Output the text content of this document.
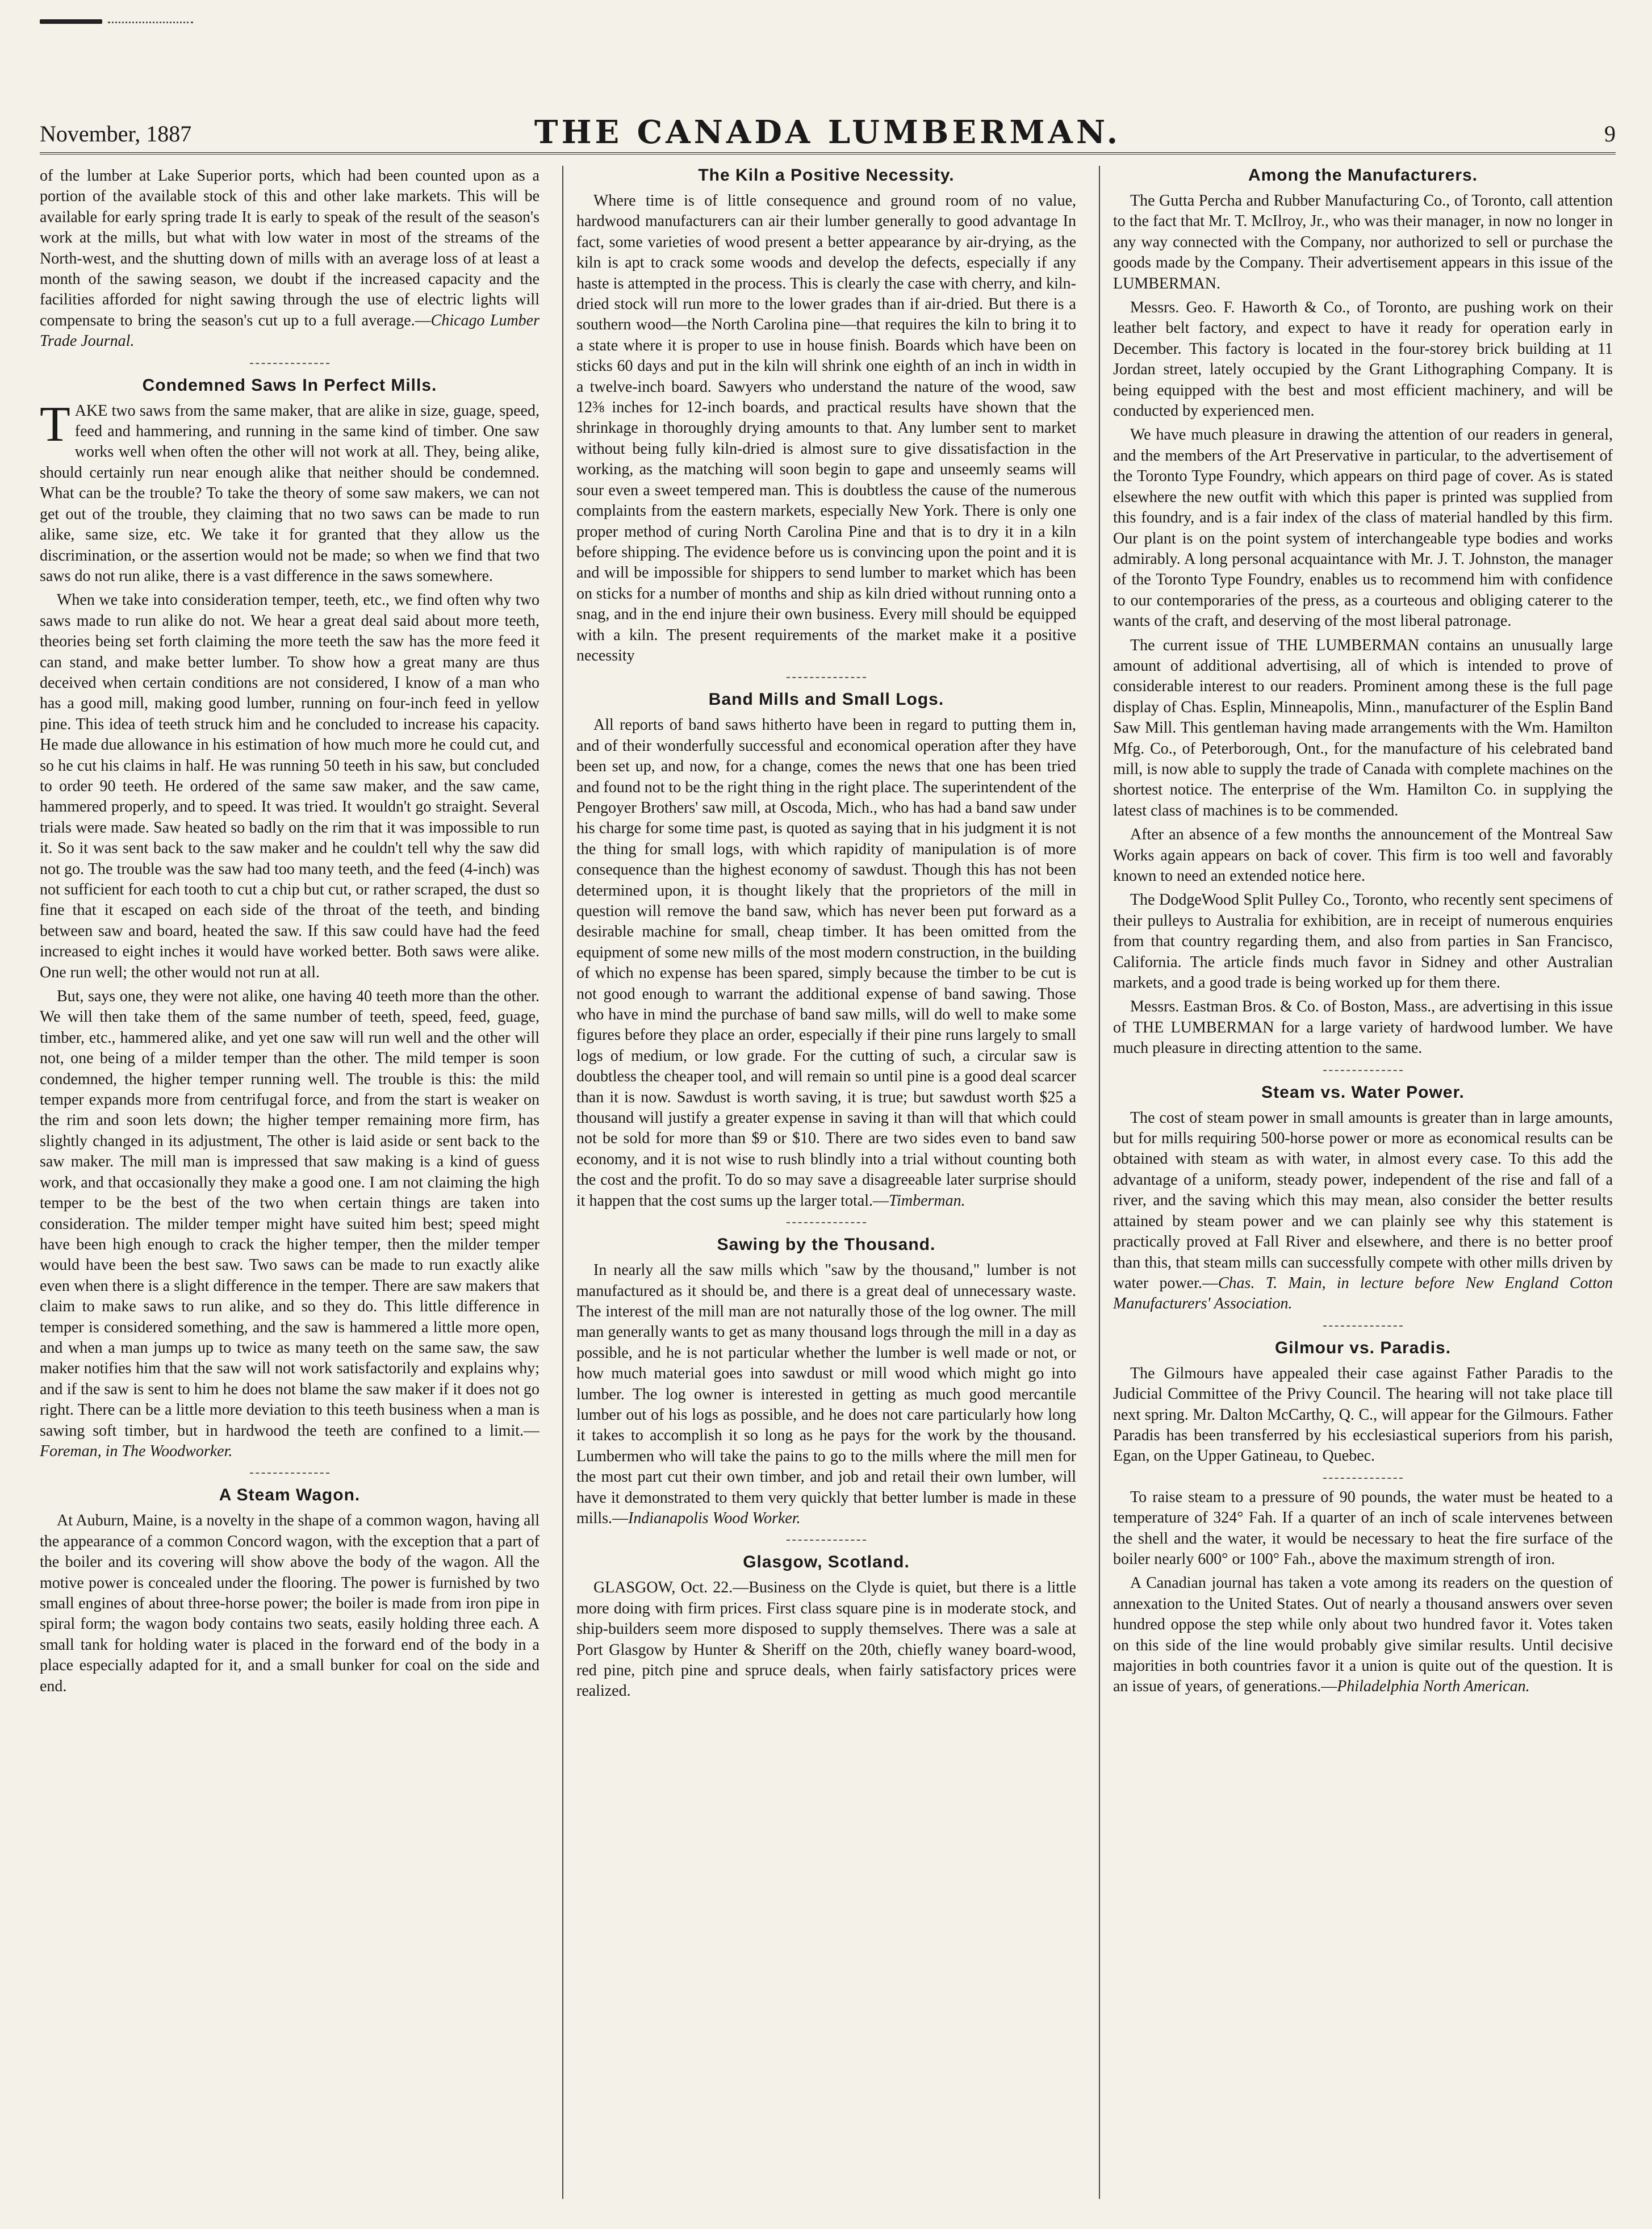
November, 1887	THE CANADA LUMBERMAN.	9

of the lumber at Lake Superior ports, which had been counted upon as a portion of the available stock of this and other lake markets. This will be available for early spring trade It is early to speak of the result of the season's work at the mills, but what with low water in most of the streams of the North-west, and the shutting down of mills with an average loss of at least a month of the sawing season, we doubt if the increased capacity and the facilities afforded for night sawing through the use of electric lights will compensate to bring the season's cut up to a full average.—Chicago Lumber Trade Journal.

Condemned Saws In Perfect Mills.

TAKE two saws from the same maker, that are alike in size, guage, speed, feed and hammering, and running in the same kind of timber. One saw works well when often the other will not work at all. They, being alike, should certainly run near enough alike that neither should be condemned. What can be the trouble? To take the theory of some saw makers, we can not get out of the trouble, they claiming that no two saws can be made to run alike, same size, etc. We take it for granted that they allow us the discrimination, or the assertion would not be made; so when we find that two saws do not run alike, there is a vast difference in the saws somewhere.

When we take into consideration temper, teeth, etc., we find often why two saws made to run alike do not. We hear a great deal said about more teeth, theories being set forth claiming the more teeth the saw has the more feed it can stand, and make better lumber. To show how a great many are thus deceived when certain conditions are not considered, I know of a man who has a good mill, making good lumber, running on four-inch feed in yellow pine. This idea of teeth struck him and he concluded to increase his capacity. He made due allowance in his estimation of how much more he could cut, and so he cut his claims in half. He was running 50 teeth in his saw, but concluded to order 90 teeth. He ordered of the same saw maker, and the saw came, hammered properly, and to speed. It was tried. It wouldn't go straight. Several trials were made. Saw heated so badly on the rim that it was impossible to run it. So it was sent back to the saw maker and he couldn't tell why the saw did not go. The trouble was the saw had too many teeth, and the feed (4-inch) was not sufficient for each tooth to cut a chip but cut, or rather scraped, the dust so fine that it escaped on each side of the throat of the teeth, and binding between saw and board, heated the saw. If this saw could have had the feed increased to eight inches it would have worked better. Both saws were alike. One run well; the other would not run at all.

But, says one, they were not alike, one having 40 teeth more than the other. We will then take them of the same number of teeth, speed, feed, guage, timber, etc., hammered alike, and yet one saw will run well and the other will not, one being of a milder temper than the other. The mild temper is soon condemned, the higher temper running well. The trouble is this: the mild temper expands more from centrifugal force, and from the start is weaker on the rim and soon lets down; the higher temper remaining more firm, has slightly changed in its adjustment, The other is laid aside or sent back to the saw maker. The mill man is impressed that saw making is a kind of guess work, and that occasionally they make a good one. I am not claiming the high temper to be the best of the two when certain things are taken into consideration. The milder temper might have suited him best; speed might have been high enough to crack the higher temper, then the milder temper would have been the best saw. Two saws can be made to run exactly alike even when there is a slight difference in the temper. There are saw makers that claim to make saws to run alike, and so they do. This little difference in temper is considered something, and the saw is hammered a little more open, and when a man jumps up to twice as many teeth on the same saw, the saw maker notifies him that the saw will not work satisfactorily and explains why; and if the saw is sent to him he does not blame the saw maker if it does not go right. There can be a little more deviation to this teeth business when a man is sawing soft timber, but in hardwood the teeth are confined to a limit.—Foreman, in The Woodworker.

A Steam Wagon.

At Auburn, Maine, is a novelty in the shape of a common wagon, having all the appearance of a common Concord wagon, with the exception that a part of the boiler and its covering will show above the body of the wagon. All the motive power is concealed under the flooring. The power is furnished by two small engines of about three-horse power; the boiler is made from iron pipe in spiral form; the wagon body contains two seats, easily holding three each. A small tank for holding water is placed in the forward end of the body in a place especially adapted for it, and a small bunker for coal on the side and end.

The Kiln a Positive Necessity.

Where time is of little consequence and ground room of no value, hardwood manufacturers can air their lumber generally to good advantage In fact, some varieties of wood present a better appearance by air-drying, as the kiln is apt to crack some woods and develop the defects, especially if any haste is attempted in the process. This is clearly the case with cherry, and kiln-dried stock will run more to the lower grades than if air-dried. But there is a southern wood—the North Carolina pine—that requires the kiln to bring it to a state where it is proper to use in house finish. Boards which have been on sticks 60 days and put in the kiln will shrink one eighth of an inch in width in a twelve-inch board. Sawyers who understand the nature of the wood, saw 12⅜ inches for 12-inch boards, and practical results have shown that the shrinkage in thoroughly drying amounts to that. Any lumber sent to market without being fully kiln-dried is almost sure to give dissatisfaction in the working, as the matching will soon begin to gape and unseemly seams will sour even a sweet tempered man. This is doubtless the cause of the numerous complaints from the eastern markets, especially New York. There is only one proper method of curing North Carolina Pine and that is to dry it in a kiln before shipping. The evidence before us is convincing upon the point and it is and will be impossible for shippers to send lumber to market which has been on sticks for a number of months and ship as kiln dried without running onto a snag, and in the end injure their own business. Every mill should be equipped with a kiln. The present requirements of the market make it a positive necessity

Band Mills and Small Logs.

All reports of band saws hitherto have been in regard to putting them in, and of their wonderfully successful and economical operation after they have been set up, and now, for a change, comes the news that one has been tried and found not to be the right thing in the right place. The superintendent of the Pengoyer Brothers' saw mill, at Oscoda, Mich., who has had a band saw under his charge for some time past, is quoted as saying that in his judgment it is not the thing for small logs, with which rapidity of manipulation is of more consequence than the highest economy of sawdust. Though this has not been determined upon, it is thought likely that the proprietors of the mill in question will remove the band saw, which has never been put forward as a desirable machine for small, cheap timber. It has been omitted from the equipment of some new mills of the most modern construction, in the building of which no expense has been spared, simply because the timber to be cut is not good enough to warrant the additional expense of band sawing. Those who have in mind the purchase of band saw mills, will do well to make some figures before they place an order, especially if their pine runs largely to small logs of medium, or low grade. For the cutting of such, a circular saw is doubtless the cheaper tool, and will remain so until pine is a good deal scarcer than it is now. Sawdust is worth saving, it is true; but sawdust worth $25 a thousand will justify a greater expense in saving it than will that which could not be sold for more than $9 or $10. There are two sides even to band saw economy, and it is not wise to rush blindly into a trial without counting both the cost and the profit. To do so may save a disagreeable later surprise should it happen that the cost sums up the larger total.—Timberman.

Sawing by the Thousand.

In nearly all the saw mills which "saw by the thousand," lumber is not manufactured as it should be, and there is a great deal of unnecessary waste. The interest of the mill man are not naturally those of the log owner. The mill man generally wants to get as many thousand logs through the mill in a day as possible, and he is not particular whether the lumber is well made or not, or how much material goes into sawdust or mill wood which might go into lumber. The log owner is interested in getting as much good mercantile lumber out of his logs as possible, and he does not care particularly how long it takes to accomplish it so long as he pays for the work by the thousand. Lumbermen who will take the pains to go to the mills where the mill men for the most part cut their own timber, and job and retail their own lumber, will have it demonstrated to them very quickly that better lumber is made in these mills.—Indianapolis Wood Worker.

Glasgow, Scotland.

GLASGOW, Oct. 22.—Business on the Clyde is quiet, but there is a little more doing with firm prices. First class square pine is in moderate stock, and ship-builders seem more disposed to supply themselves. There was a sale at Port Glasgow by Hunter & Sheriff on the 20th, chiefly waney board-wood, red pine, pitch pine and spruce deals, when fairly satisfactory prices were realized.

Among the Manufacturers.

The Gutta Percha and Rubber Manufacturing Co., of Toronto, call attention to the fact that Mr. T. McIlroy, Jr., who was their manager, in now no longer in any way connected with the Company, nor authorized to sell or purchase the goods made by the Company. Their advertisement appears in this issue of the LUMBERMAN.

Messrs. Geo. F. Haworth & Co., of Toronto, are pushing work on their leather belt factory, and expect to have it ready for operation early in December. This factory is located in the four-storey brick building at 11 Jordan street, lately occupied by the Grant Lithographing Company. It is being equipped with the best and most efficient machinery, and will be conducted by experienced men.

We have much pleasure in drawing the attention of our readers in general, and the members of the Art Preservative in particular, to the advertisement of the Toronto Type Foundry, which appears on third page of cover. As is stated elsewhere the new outfit with which this paper is printed was supplied from this foundry, and is a fair index of the class of material handled by this firm. Our plant is on the point system of interchangeable type bodies and works admirably. A long personal acquaintance with Mr. J. T. Johnston, the manager of the Toronto Type Foundry, enables us to recommend him with confidence to our contemporaries of the press, as a courteous and obliging caterer to the wants of the craft, and deserving of the most liberal patronage.

The current issue of THE LUMBERMAN contains an unusually large amount of additional advertising, all of which is intended to prove of considerable interest to our readers. Prominent among these is the full page display of Chas. Esplin, Minneapolis, Minn., manufacturer of the Esplin Band Saw Mill. This gentleman having made arrangements with the Wm. Hamilton Mfg. Co., of Peterborough, Ont., for the manufacture of his celebrated band mill, is now able to supply the trade of Canada with complete machines on the shortest notice. The enterprise of the Wm. Hamilton Co. in supplying the latest class of machines is to be commended.

After an absence of a few months the announcement of the Montreal Saw Works again appears on back of cover. This firm is too well and favorably known to need an extended notice here.

The DodgeWood Split Pulley Co., Toronto, who recently sent specimens of their pulleys to Australia for exhibition, are in receipt of numerous enquiries from that country regarding them, and also from parties in San Francisco, California. The article finds much favor in Sidney and other Australian markets, and a good trade is being worked up for them there.

Messrs. Eastman Bros. & Co. of Boston, Mass., are advertising in this issue of THE LUMBERMAN for a large variety of hardwood lumber. We have much pleasure in directing attention to the same.

Steam vs. Water Power.

The cost of steam power in small amounts is greater than in large amounts, but for mills requiring 500-horse power or more as economical results can be obtained with steam as with water, in almost every case. To this add the advantage of a uniform, steady power, independent of the rise and fall of a river, and the saving which this may mean, also consider the better results attained by steam power and we can plainly see why this statement is practically proved at Fall River and elsewhere, and there is no better proof than this, that steam mills can successfully compete with other mills driven by water power.—Chas. T. Main, in lecture before New England Cotton Manufacturers' Association.

Gilmour vs. Paradis.

The Gilmours have appealed their case against Father Paradis to the Judicial Committee of the Privy Council. The hearing will not take place till next spring. Mr. Dalton McCarthy, Q. C., will appear for the Gilmours. Father Paradis has been transferred by his ecclesiastical superiors from his parish, Egan, on the Upper Gatineau, to Quebec.

To raise steam to a pressure of 90 pounds, the water must be heated to a temperature of 324° Fah. If a quarter of an inch of scale intervenes between the shell and the water, it would be necessary to heat the fire surface of the boiler nearly 600° or 100° Fah., above the maximum strength of iron.

A Canadian journal has taken a vote among its readers on the question of annexation to the United States. Out of nearly a thousand answers over seven hundred oppose the step while only about two hundred favor it. Votes taken on this side of the line would probably give similar results. Until decisive majorities in both countries favor it a union is quite out of the question. It is an issue of years, of generations.—Philadelphia North American.
